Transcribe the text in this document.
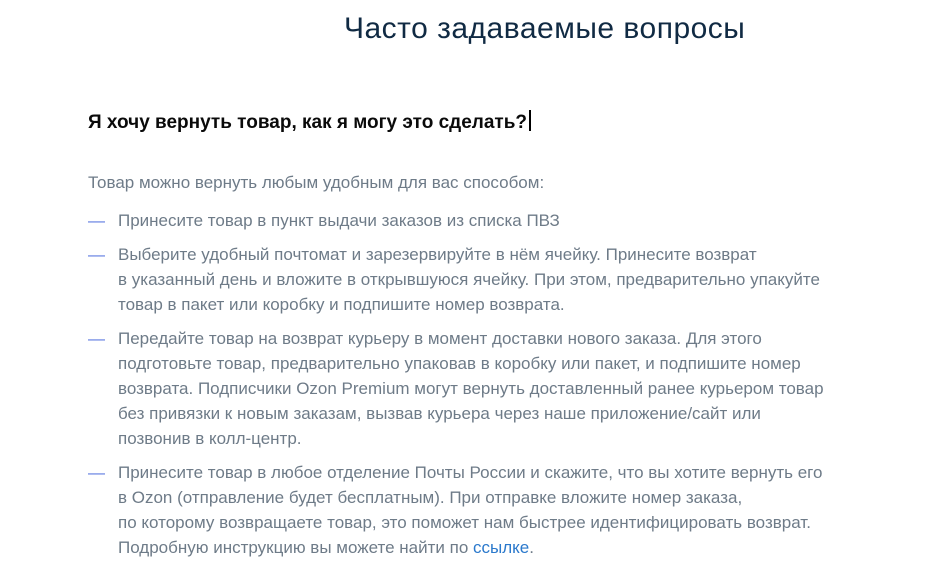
Часто задаваемые вопросы
Я хочу вернуть товар, как я могу это сделать?

Товар можно вернуть любым удобным для вас способом:

— Принесите товар в пункт выдачи заказов из списка ПВЗ
— Выберите удобный почтомат и зарезервируйте в нём ячейку. Принесите возврат
в указанный день и вложите в открывшуюся ячейку. При этом, предварительно упакуйте
товар в пакет или коробку и подпишите номер возврата.
— Передайте товар на возврат курьеру в момент доставки нового заказа. Для этого
подготовьте товар, предварительно упаковав в коробку или пакет, и подпишите номер
возврата. Подписчики Ozon Premium могут вернуть доставленный ранее курьером товар
без привязки к новым заказам, вызвав курьера через наше приложение/сайт или
позвонив в колл-центр.
— Принесите товар в любое отделение Почты России и скажите, что вы хотите вернуть его
в Ozon (отправление будет бесплатным). При отправке вложите номер заказа,
по которому возвращаете товар, это поможет нам быстрее идентифицировать возврат.
Подробную инструкцию вы можете найти по ссылке.
